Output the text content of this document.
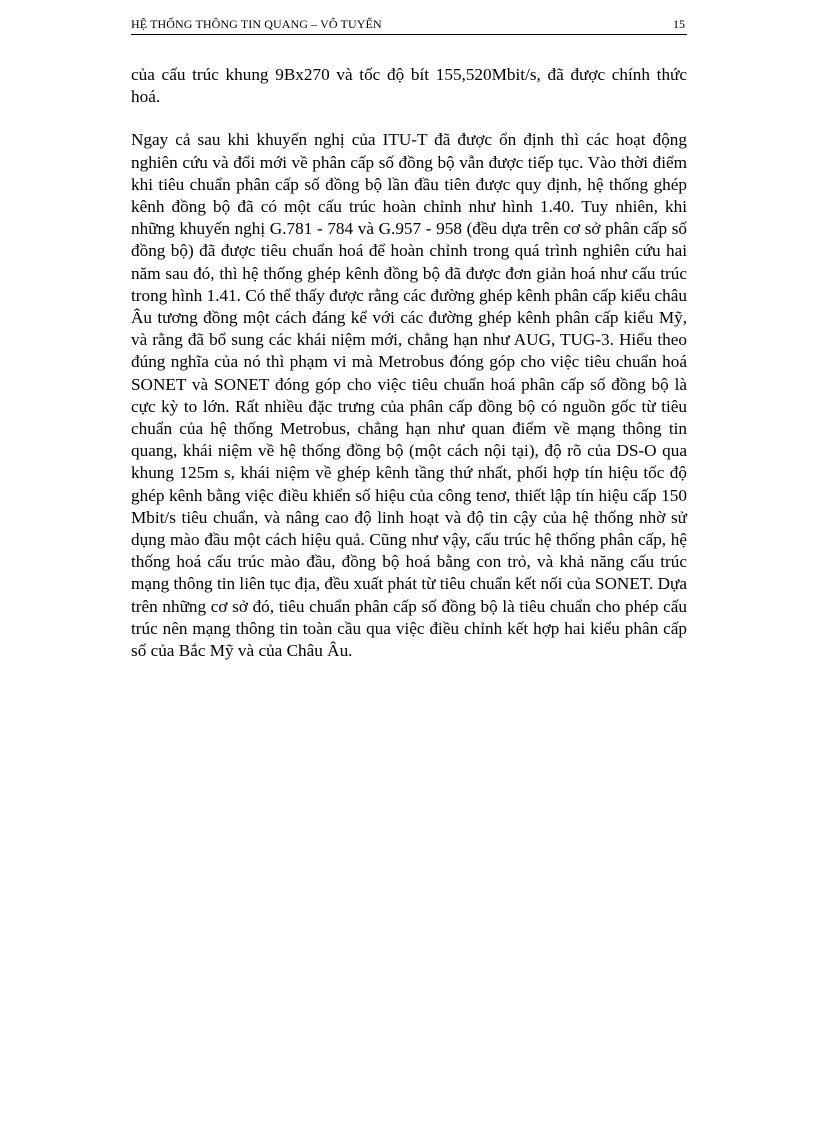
HỆ THỐNG THÔNG TIN QUANG – VÔ TUYẾN	15

của cấu trúc khung 9Bx270 và tốc độ bít 155,520Mbit/s, đã được chính thức hoá.

Ngay cả sau khi khuyến nghị của ITU-T đã được ổn định thì các hoạt động nghiên cứu và đổi mới về phân cấp số đồng bộ vẫn được tiếp tục. Vào thời điểm khi tiêu chuẩn phân cấp số đồng bộ lần đầu tiên được quy định, hệ thống ghép kênh đồng bộ đã có một cấu trúc hoàn chỉnh như hình 1.40. Tuy nhiên, khi những khuyến nghị G.781 - 784 và G.957 - 958 (đều dựa trên cơ sở phân cấp số đồng bộ) đã được tiêu chuẩn hoá để hoàn chỉnh trong quá trình nghiên cứu hai năm sau đó, thì hệ thống ghép kênh đồng bộ đã được đơn giản hoá như cấu trúc trong hình 1.41. Có thể thấy được rằng các đường ghép kênh phân cấp kiểu châu Âu tương đồng một cách đáng kể với các đường ghép kênh phân cấp kiểu Mỹ, và rằng đã bổ sung các khái niệm mới, chẳng hạn như AUG, TUG-3. Hiểu theo đúng nghĩa của nó thì phạm vi mà Metrobus đóng góp cho việc tiêu chuẩn hoá SONET và SONET đóng góp cho việc tiêu chuẩn hoá phân cấp số đồng bộ là cực kỳ to lớn. Rất nhiều đặc trưng của phân cấp đồng bộ có nguồn gốc từ tiêu chuẩn của hệ thống Metrobus, chẳng hạn như quan điểm về mạng thông tin quang, khái niệm về hệ thống đồng bộ (một cách nội tại), độ rõ của DS-O qua khung 125m s, khái niệm về ghép kênh tầng thứ nhất, phối hợp tín hiệu tốc độ ghép kênh bằng việc điều khiển số hiệu của công tenơ, thiết lập tín hiệu cấp 150 Mbit/s tiêu chuẩn, và nâng cao độ linh hoạt và độ tin cậy của hệ thống nhờ sử dụng mào đầu một cách hiệu quả. Cũng như vậy, cấu trúc hệ thống phân cấp, hệ thống hoá cấu trúc mào đầu, đồng bộ hoá bằng con trỏ, và khả năng cấu trúc mạng thông tin liên tục địa, đều xuất phát từ tiêu chuẩn kết nối của SONET. Dựa trên những cơ sở đó, tiêu chuẩn phân cấp số đồng bộ là tiêu chuẩn cho phép cấu trúc nên mạng thông tin toàn cầu qua việc điều chỉnh kết hợp hai kiểu phân cấp số của Bắc Mỹ và của Châu Âu.
